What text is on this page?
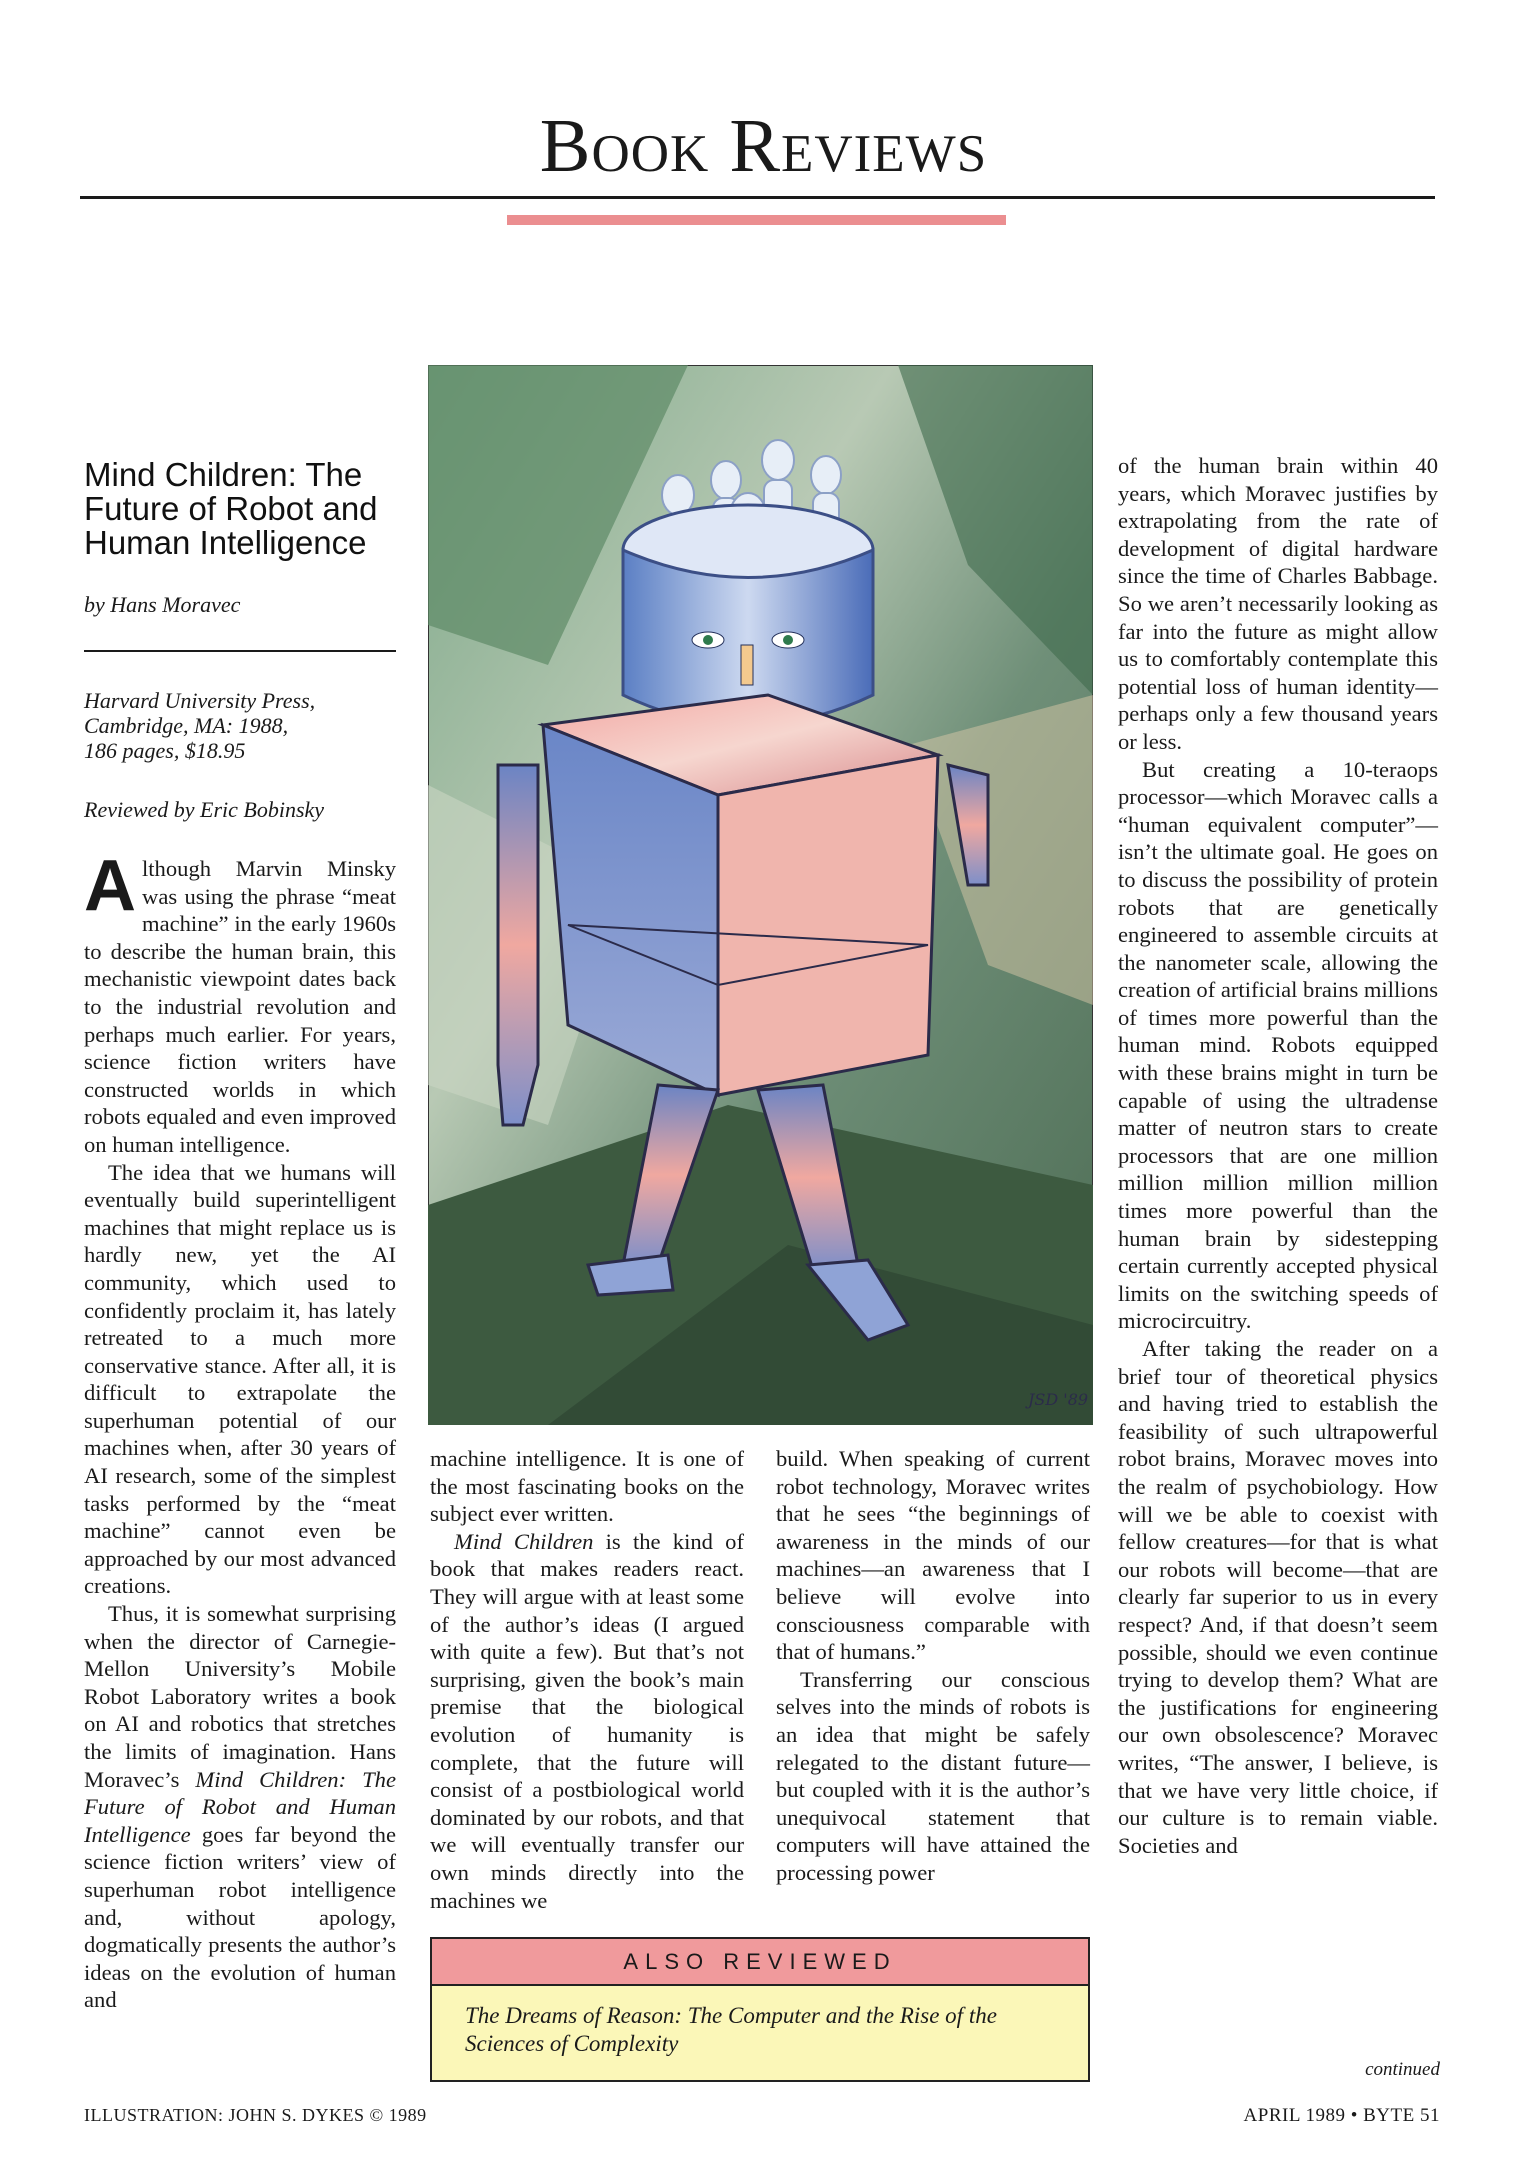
Book Reviews
Mind Children: The Future of Robot and Human Intelligence
by Hans Moravec
Harvard University Press,
Cambridge, MA: 1988,
186 pages, $18.95
Reviewed by Eric Bobinsky

Although Marvin Minsky was using the phrase “meat machine” in the early 1960s to describe the human brain, this mechanistic viewpoint dates back to the industrial revolution and perhaps much earlier. For years, science fiction writers have constructed worlds in which robots equaled and even improved on human intelligence.

The idea that we humans will eventually build superintelligent machines that might replace us is hardly new, yet the AI community, which used to confidently proclaim it, has lately retreated to a much more conservative stance. After all, it is difficult to extrapolate the superhuman potential of our machines when, after 30 years of AI research, some of the simplest tasks performed by the “meat machine” cannot even be approached by our most advanced creations.

Thus, it is somewhat surprising when the director of Carnegie-Mellon University’s Mobile Robot Laboratory writes a book on AI and robotics that stretches the limits of imagination. Hans Moravec’s Mind Children: The Future of Robot and Human Intelligence goes far beyond the science fiction writers’ view of superhuman robot intelligence and, without apology, dogmatically presents the author’s ideas on the evolution of human and

JSD '89

machine intelligence. It is one of the most fascinating books on the subject ever written.

Mind Children is the kind of book that makes readers react. They will argue with at least some of the author’s ideas (I argued with quite a few). But that’s not surprising, given the book’s main premise that the biological evolution of humanity is complete, that the future will consist of a postbiological world dominated by our robots, and that we will eventually transfer our own minds directly into the machines we

build. When speaking of current robot technology, Moravec writes that he sees “the beginnings of awareness in the minds of our machines—an awareness that I believe will evolve into consciousness comparable with that of humans.”

Transferring our conscious selves into the minds of robots is an idea that might be safely relegated to the distant future—but coupled with it is the author’s unequivocal statement that computers will have attained the processing power

of the human brain within 40 years, which Moravec justifies by extrapolating from the rate of development of digital hardware since the time of Charles Babbage. So we aren’t necessarily looking as far into the future as might allow us to comfortably contemplate this potential loss of human identity—perhaps only a few thousand years or less.

But creating a 10-teraops processor—which Moravec calls a “human equivalent computer”—isn’t the ultimate goal. He goes on to discuss the possibility of protein robots that are genetically engineered to assemble circuits at the nanometer scale, allowing the creation of artificial brains millions of times more powerful than the human mind. Robots equipped with these brains might in turn be capable of using the ultradense matter of neutron stars to create processors that are one million million million million million times more powerful than the human brain by sidestepping certain currently accepted physical limits on the switching speeds of microcircuitry.

After taking the reader on a brief tour of theoretical physics and having tried to establish the feasibility of such ultrapowerful robot brains, Moravec moves into the realm of psychobiology. How will we be able to coexist with fellow creatures—for that is what our robots will become—that are clearly far superior to us in every respect? And, if that doesn’t seem possible, should we even continue trying to develop them? What are the justifications for engineering our own obsolescence? Moravec writes, “The answer, I believe, is that we have very little choice, if our culture is to remain viable. Societies and

continued
ALSO REVIEWED
The Dreams of Reason: The Computer and the Rise of the Sciences of Complexity
ILLUSTRATION: JOHN S. DYKES © 1989	APRIL 1989 • BYTE 51
